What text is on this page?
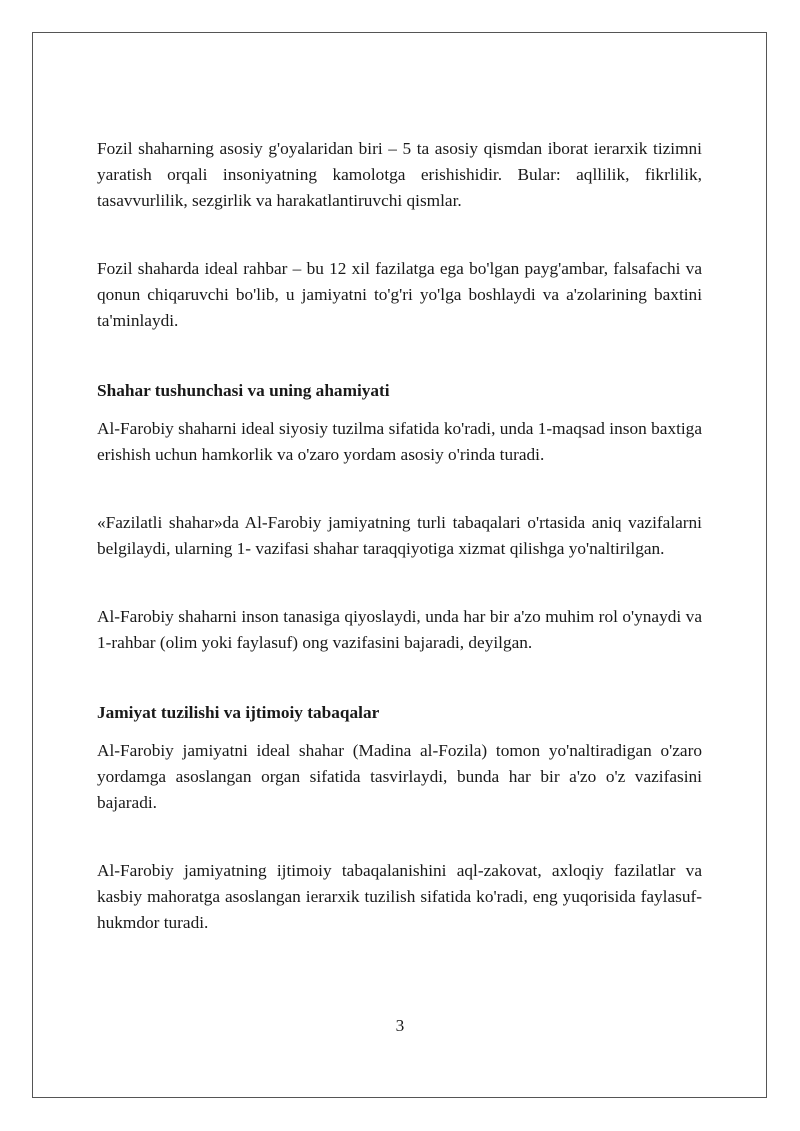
Fozil shaharning asosiy g'oyalaridan biri – 5 ta asosiy qismdan iborat ierarxik tizimni yaratish orqali insoniyatning kamolotga erishishidir. Bular: aqllilik, fikrlilik, tasavvurlilik, sezgirlik va harakatlantiruvchi qismlar.

Fozil shaharda ideal rahbar – bu 12 xil fazilatga ega bo'lgan payg'ambar, falsafachi va qonun chiqaruvchi bo'lib, u jamiyatni to'g'ri yo'lga boshlaydi va a'zolarining baxtini ta'minlaydi.

Shahar tushunchasi va uning ahamiyati

Al-Farobiy shaharni ideal siyosiy tuzilma sifatida ko'radi, unda 1-maqsad inson baxtiga erishish uchun hamkorlik va o'zaro yordam asosiy o'rinda turadi.

«Fazilatli shahar»da Al-Farobiy jamiyatning turli tabaqalari o'rtasida aniq vazifalarni belgilaydi, ularning 1- vazifasi shahar taraqqiyotiga xizmat qilishga yo'naltirilgan.

Al-Farobiy shaharni inson tanasiga qiyoslaydi, unda har bir a'zo muhim rol o'ynaydi va 1-rahbar (olim yoki faylasuf) ong vazifasini bajaradi, deyilgan.

Jamiyat tuzilishi va ijtimoiy tabaqalar

Al-Farobiy jamiyatni ideal shahar (Madina al-Fozila) tomon yo'naltiradigan o'zaro yordamga asoslangan organ sifatida tasvirlaydi, bunda har bir a'zo o'z vazifasini bajaradi.

Al-Farobiy jamiyatning ijtimoiy tabaqalanishini aql-zakovat, axloqiy fazilatlar va kasbiy mahoratga asoslangan ierarxik tuzilish sifatida ko'radi, eng yuqorisida faylasuf-hukmdor turadi.

3
